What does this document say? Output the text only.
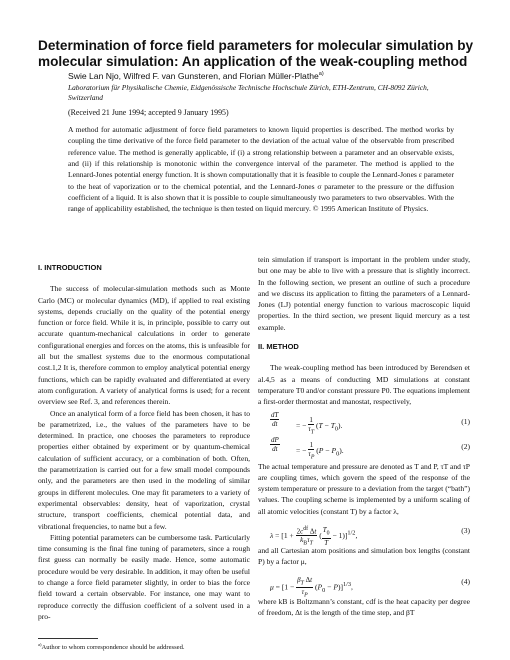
Determination of force field parameters for molecular simulation by molecular simulation: An application of the weak-coupling method
Swie Lan Njo, Wilfred F. van Gunsteren, and Florian Müller-Plathe$^{a)}$
Laboratorium für Physikalische Chemie, Eidgenössische Technische Hochschule Zürich, ETH-Zentrum, CH-8092 Zürich, Switzerland
(Received 21 June 1994; accepted 9 January 1995)

A method for automatic adjustment of force field parameters to known liquid properties is described. The method works by coupling the time derivative of the force field parameter to the deviation of the actual value of the observable from prescribed reference value. The method is generally applicable, if (i) a strong relationship between a parameter and an observable exists, and (ii) if this relationship is monotonic within the convergence interval of the parameter. The method is applied to the Lennard-Jones potential energy function. It is shown computationally that it is feasible to couple the Lennard-Jones ε parameter to the heat of vaporization or to the chemical potential, and the Lennard-Jones σ parameter to the pressure or the diffusion coefficient of a liquid. It is also shown that it is possible to couple simultaneously two parameters to two observables. With the range of applicability established, the technique is then tested on liquid mercury. © 1995 American Institute of Physics.

I. INTRODUCTION

The success of molecular-simulation methods such as Monte Carlo (MC) or molecular dynamics (MD), if applied to real existing systems, depends crucially on the quality of the potential energy function or force field. While it is, in principle, possible to carry out accurate quantum-mechanical calculations in order to generate configurational energies and forces on the atoms, this is unfeasible for all but the smallest systems due to the enormous computational cost.1,2 It is, therefore common to employ analytical potential energy functions, which can be rapidly evaluated and differentiated at every atom configuration. A variety of analytical forms is used; for a recent overview see Ref. 3, and references therein.

Once an analytical form of a force field has been chosen, it has to be parametrized, i.e., the values of the parameters have to be determined. In practice, one chooses the parameters to reproduce properties either obtained by experiment or by quantum-chemical calculation of sufficient accuracy, or a combination of both. Often, the parametrization is carried out for a few small model compounds only, and the parameters are then used in the modeling of similar groups in different molecules. One may fit parameters to a variety of experimental observables: density, heat of vaporization, crystal structure, transport coefficients, chemical potential data, and vibrational frequencies, to name but a few.

Fitting potential parameters can be cumbersome task. Particularly time consuming is the final fine tuning of parameters, since a rough first guess can normally be easily made. Hence, some automatic procedure would be very desirable. In addition, it may often be useful to change a force field parameter slightly, in order to bias the force field toward a certain observable. For instance, one may want to reproduce correctly the diffusion coefficient of a solvent used in a pro-

tein simulation if transport is important in the problem under study, but one may be able to live with a pressure that is slightly incorrect. In the following section, we present an outline of such a procedure and we discuss its application to fitting the parameters of a Lennard-Jones (LJ) potential energy function to various macroscopic liquid properties. In the third section, we present liquid mercury as a test example.

II. METHOD

The weak-coupling method has been introduced by Berendsen et al.4,5 as a means of conducting MD simulations at constant temperature T0 and/or constant pressure P0. The equations implement a first-order thermostat and manostat, respectively,

$\frac{dT}{dt}$ = − $\frac{1}{\tau_T} (T - T_0)$.	(1)
$\frac{dP}{dt}$ = − $\frac{1}{\tau_P} (P - P_0)$.	(2)

The actual temperature and pressure are denoted as T and P, τT and τP are coupling times, which govern the speed of the response of the system temperature or pressure to a deviation from the target (“bath”) values. The coupling scheme is implemented by a uniform scaling of all atomic velocities (constant T) by a factor λ,

$\lambda = [1 + \frac{2c^{df} \Delta t}{k_B\tau_T}$ ( $\frac{T_0}{T} - 1)]^{1/2}$,
(3)

and all Cartesian atom positions and simulation box lengths (constant P) by a factor μ,

$\mu = [1 - \frac{\beta_T \Delta t}{\tau_P} (P_0 - P)]^{1/3}$,
(4)

where kB is Boltzmann’s constant, cdf is the heat capacity per degree of freedom, Δt is the length of the time step, and βT

$^{a)}$Author to whom correspondence should be addressed.
